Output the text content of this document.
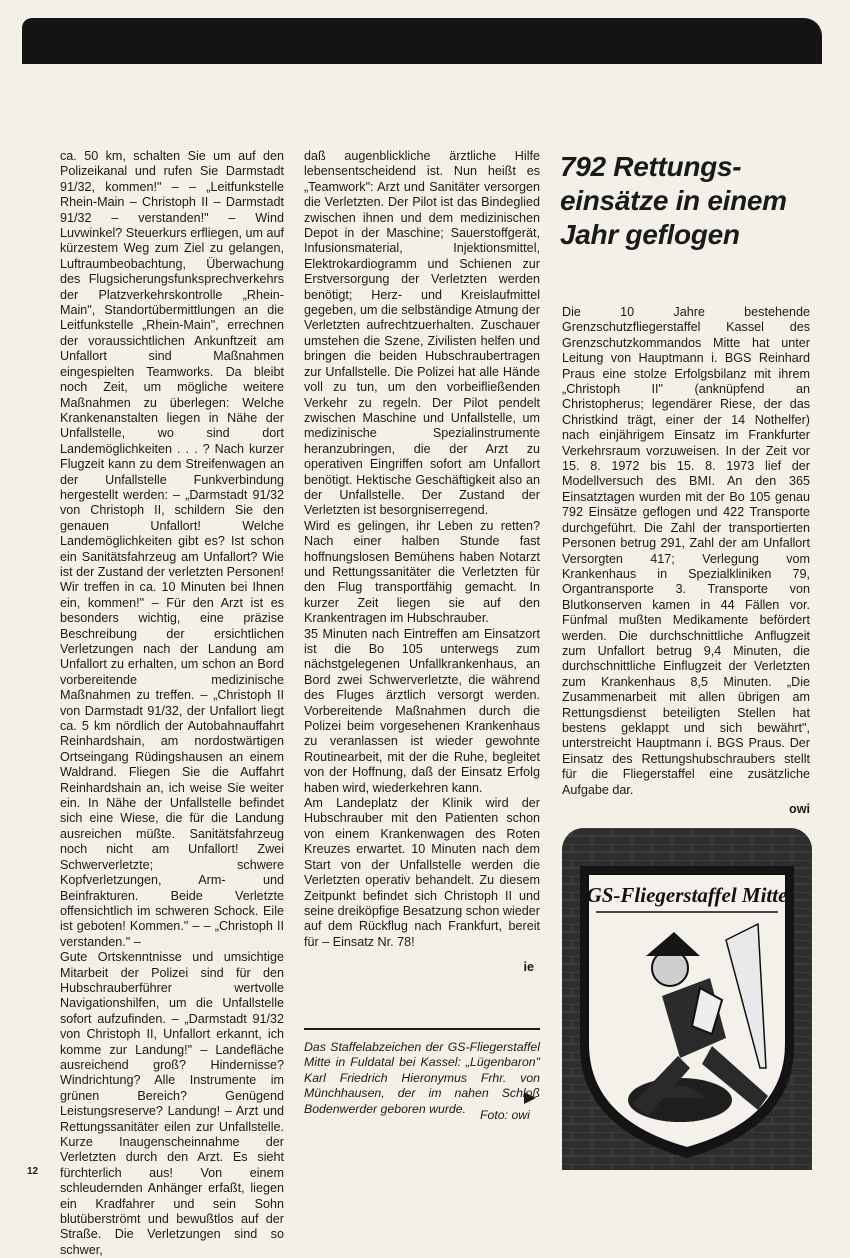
ca. 50 km, schalten Sie um auf den Polizeikanal und rufen Sie Darmstadt 91/32, kommen!" – – „Leitfunkstelle Rhein-Main – Christoph II – Darmstadt 91/32 – verstanden!" – Wind Luvwinkel? Steuerkurs erfliegen, um auf kürzestem Weg zum Ziel zu gelangen, Luftraumbeobachtung, Überwachung des Flugsicherungsfunksprechverkehrs der Platzverkehrskontrolle „Rhein-Main", Standortübermittlungen an die Leitfunkstelle „Rhein-Main", errechnen der voraussichtlichen Ankunftzeit am Unfallort sind Maßnahmen eingespielten Teamworks. Da bleibt noch Zeit, um mögliche weitere Maßnahmen zu überlegen: Welche Krankenanstalten liegen in Nähe der Unfallstelle, wo sind dort Landemöglichkeiten . . . ? Nach kurzer Flugzeit kann zu dem Streifenwagen an der Unfallstelle Funkverbindung hergestellt werden: – „Darmstadt 91/32 von Christoph II, schildern Sie den genauen Unfallort! Welche Landemöglichkeiten gibt es? Ist schon ein Sanitätsfahrzeug am Unfallort? Wie ist der Zustand der verletzten Personen! Wir treffen in ca. 10 Minuten bei Ihnen ein, kommen!" – Für den Arzt ist es besonders wichtig, eine präzise Beschreibung der ersichtlichen Verletzungen nach der Landung am Unfallort zu erhalten, um schon an Bord vorbereitende medizinische Maßnahmen zu treffen. – „Christoph II von Darmstadt 91/32, der Unfallort liegt ca. 5 km nördlich der Autobahnauffahrt Reinhardshain, am nordostwärtigen Ortseingang Rüdingshausen an einem Waldrand. Fliegen Sie die Auffahrt Reinhardshain an, ich weise Sie weiter ein. In Nähe der Unfallstelle befindet sich eine Wiese, die für die Landung ausreichen müßte. Sanitätsfahrzeug noch nicht am Unfallort! Zwei Schwerverletzte; schwere Kopfverletzungen, Arm- und Beinfrakturen. Beide Verletzte offensichtlich im schweren Schock. Eile ist geboten! Kommen." – – „Christoph II verstanden." –

Gute Ortskenntnisse und umsichtige Mitarbeit der Polizei sind für den Hubschrauberführer wertvolle Navigationshilfen, um die Unfallstelle sofort aufzufinden. – „Darmstadt 91/32 von Christoph II, Unfallort erkannt, ich komme zur Landung!" – Landefläche ausreichend groß? Hindernisse? Windrichtung? Alle Instrumente im grünen Bereich? Genügend Leistungsreserve? Landung! – Arzt und Rettungssanitäter eilen zur Unfallstelle. Kurze Inaugenscheinnahme der Verletzten durch den Arzt. Es sieht fürchterlich aus! Von einem schleudernden Anhänger erfaßt, liegen ein Kradfahrer und sein Sohn blutüberströmt und bewußtlos auf der Straße. Die Verletzungen sind so schwer,

daß augenblickliche ärztliche Hilfe lebensentscheidend ist. Nun heißt es „Teamwork": Arzt und Sanitäter versorgen die Verletzten. Der Pilot ist das Bindeglied zwischen ihnen und dem medizinischen Depot in der Maschine; Sauerstoffgerät, Infusionsmaterial, Injektionsmittel, Elektrokardiogramm und Schienen zur Erstversorgung der Verletzten werden benötigt; Herz- und Kreislaufmittel gegeben, um die selbständige Atmung der Verletzten aufrechtzuerhalten. Zuschauer umstehen die Szene, Zivilisten helfen und bringen die beiden Hubschraubertragen zur Unfallstelle. Die Polizei hat alle Hände voll zu tun, um den vorbeifließenden Verkehr zu regeln. Der Pilot pendelt zwischen Maschine und Unfallstelle, um medizinische Spezialinstrumente heranzubringen, die der Arzt zu operativen Eingriffen sofort am Unfallort benötigt. Hektische Geschäftigkeit also an der Unfallstelle. Der Zustand der Verletzten ist besorgniserregend.

Wird es gelingen, ihr Leben zu retten? Nach einer halben Stunde fast hoffnungslosen Bemühens haben Notarzt und Rettungssanitäter die Verletzten für den Flug transportfähig gemacht. In kurzer Zeit liegen sie auf den Krankentragen im Hubschrauber.

35 Minuten nach Eintreffen am Einsatzort ist die Bo 105 unterwegs zum nächstgelegenen Unfallkrankenhaus, an Bord zwei Schwerverletzte, die während des Fluges ärztlich versorgt werden. Vorbereitende Maßnahmen durch die Polizei beim vorgesehenen Krankenhaus zu veranlassen ist wieder gewohnte Routinearbeit, mit der die Ruhe, begleitet von der Hoffnung, daß der Einsatz Erfolg haben wird, wiederkehren kann.

Am Landeplatz der Klinik wird der Hubschrauber mit den Patienten schon von einem Krankenwagen des Roten Kreuzes erwartet. 10 Minuten nach dem Start von der Unfallstelle werden die Verletzten operativ behandelt. Zu diesem Zeitpunkt befindet sich Christoph II und seine dreiköpfige Besatzung schon wieder auf dem Rückflug nach Frankfurt, bereit für – Einsatz Nr. 78!

ie
792 Rettungs-einsätze in einem Jahr geflogen

Die 10 Jahre bestehende Grenzschutzfliegerstaffel Kassel des Grenzschutzkommandos Mitte hat unter Leitung von Hauptmann i. BGS Reinhard Praus eine stolze Erfolgsbilanz mit ihrem „Christoph II" (anknüpfend an Christopherus; legendärer Riese, der das Christkind trägt, einer der 14 Nothelfer) nach einjährigem Einsatz im Frankfurter Verkehrsraum vorzuweisen. In der Zeit vor 15. 8. 1972 bis 15. 8. 1973 lief der Modellversuch des BMI. An den 365 Einsatztagen wurden mit der Bo 105 genau 792 Einsätze geflogen und 422 Transporte durchgeführt. Die Zahl der transportierten Personen betrug 291, Zahl der am Unfallort Versorgten 417; Verlegung vom Krankenhaus in Spezialkliniken 79, Organtransporte 3. Transporte von Blutkonserven kamen in 44 Fällen vor. Fünfmal mußten Medikamente befördert werden. Die durchschnittliche Anflugzeit zum Unfallort betrug 9,4 Minuten, die durchschnittliche Einflugzeit der Verletzten zum Krankenhaus 8,5 Minuten. „Die Zusammenarbeit mit allen übrigen am Rettungsdienst beteiligten Stellen hat bestens geklappt und sich bewährt", unterstreicht Hauptmann i. BGS Praus. Der Einsatz des Rettungshubschraubers stellt für die Fliegerstaffel eine zusätzliche Aufgabe dar.

owi
Das Staffelabzeichen der GS-Fliegerstaffel Mitte in Fuldatal bei Kassel: „Lügenbaron" Karl Friedrich Hieronymus Frhr. von Münchhausen, der im nahen Schloß Bodenwerder geboren wurde.	Foto: owi
GS-Fliegerstaffel Mitte
12
